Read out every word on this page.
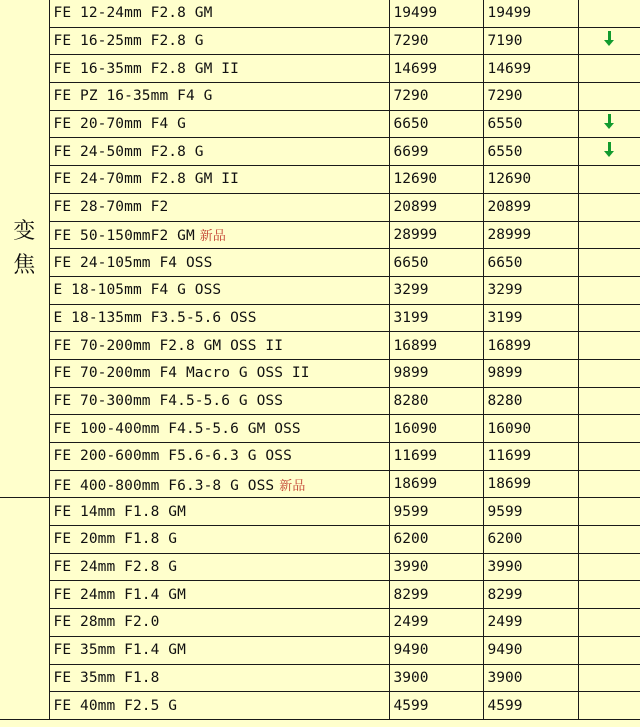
变焦	FE 12-24mm F2.8 GM	19499	19499	
	FE 16-25mm F2.8 G	7290	7190	
	FE 16-35mm F2.8 GM II	14699	14699	
	FE PZ 16-35mm F4 G	7290	7290	
	FE 20-70mm F4 G	6650	6550	
	FE 24-50mm F2.8 G	6699	6550	
	FE 24-70mm F2.8 GM II	12690	12690	
	FE 28-70mm F2	20899	20899	
	FE 50-150mmF2 GM 新品	28999	28999	
	FE 24-105mm F4 OSS	6650	6650	
	E 18-105mm F4 G OSS	3299	3299	
	E 18-135mm F3.5-5.6 OSS	3199	3199	
	FE 70-200mm F2.8 GM OSS II	16899	16899	
	FE 70-200mm F4 Macro G OSS II	9899	9899	
	FE 70-300mm F4.5-5.6 G OSS	8280	8280	
	FE 100-400mm F4.5-5.6 GM OSS	16090	16090	
	FE 200-600mm F5.6-6.3 G OSS	11699	11699	
	FE 400-800mm F6.3-8 G OSS 新品	18699	18699	
	FE 14mm F1.8 GM	9599	9599	
	FE 20mm F1.8 G	6200	6200	
	FE 24mm F2.8 G	3990	3990	
	FE 24mm F1.4 GM	8299	8299	
	FE 28mm F2.0	2499	2499	
	FE 35mm F1.4 GM	9490	9490	
	FE 35mm F1.8	3900	3900	
	FE 40mm F2.5 G	4599	4599	
